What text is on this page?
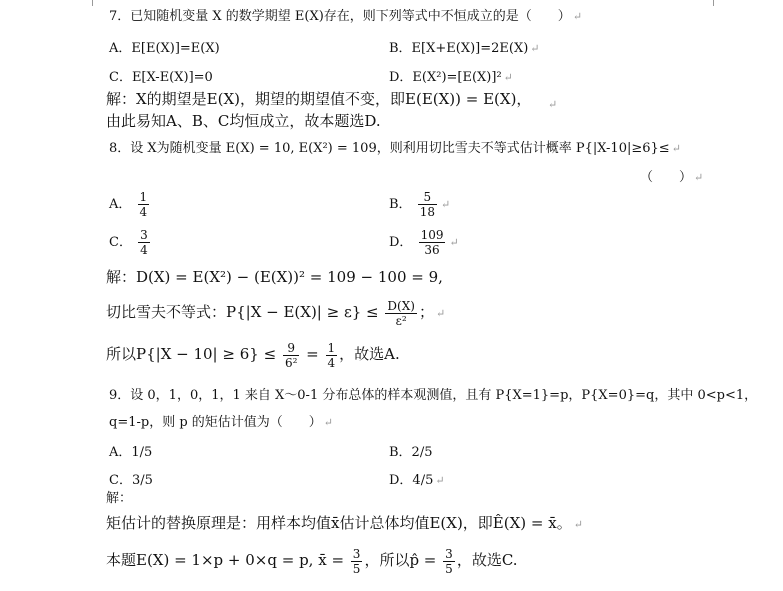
7．已知随机变量 X 的数学期望 E(X)存在，则下列等式中不恒成立的是（　　） ↵
A．E[E(X)]=E(X)	B．E[X+E(X)]=2E(X) ↵
C．E[X-E(X)]=0	D．E(X²)=[E(X)]² ↵
解：X的期望是E(X)，期望的期望值不变，即E(E(X)) = E(X)，
由此易知A、B、C均恒成立，故本题选D.
↵
8．设 X为随机变量 E(X) = 10, E(X²) = 109，则利用切比雪夫不等式估计概率 P{|X-10|≥6}≤ ↵
（　　） ↵
A． $\frac{1}{4}$	B． $\frac{5}{18}$ ↵
C． $\frac{3}{4}$	D． $\frac{109}{36}$ ↵
解：D(X) = E(X²) − (E(X))² = 109 − 100 = 9,
切比雪夫不等式：$P\{|X - E(X)| \ge \varepsilon\} \le \frac{D(X)}{\text{ε²}}$ ； ↵
所以$P\{|X - 10| \ge 6\} \le \frac{9}{\text{6²}} = \frac{1}{4}$ ，故选A.
9．设 0，1，0，1，1 来自 X～0-1 分布总体的样本观测值，且有 P{X=1}=p，P{X=0}=q，其中 0<p<1，
q=1-p，则 p 的矩估计值为（　　） ↵
A．1/5	B．2/5
C．3/5	D．4/5 ↵
解：
矩估计的替换原理是：用样本均值x̄估计总体均值E(X)，即Ê(X) = x̄。 ↵
本题E(X) = 1×p + 0×q = p, x̄ = $\frac{3}{5}$ ，所以p̂ = $\frac{3}{5}$ ，故选C.
